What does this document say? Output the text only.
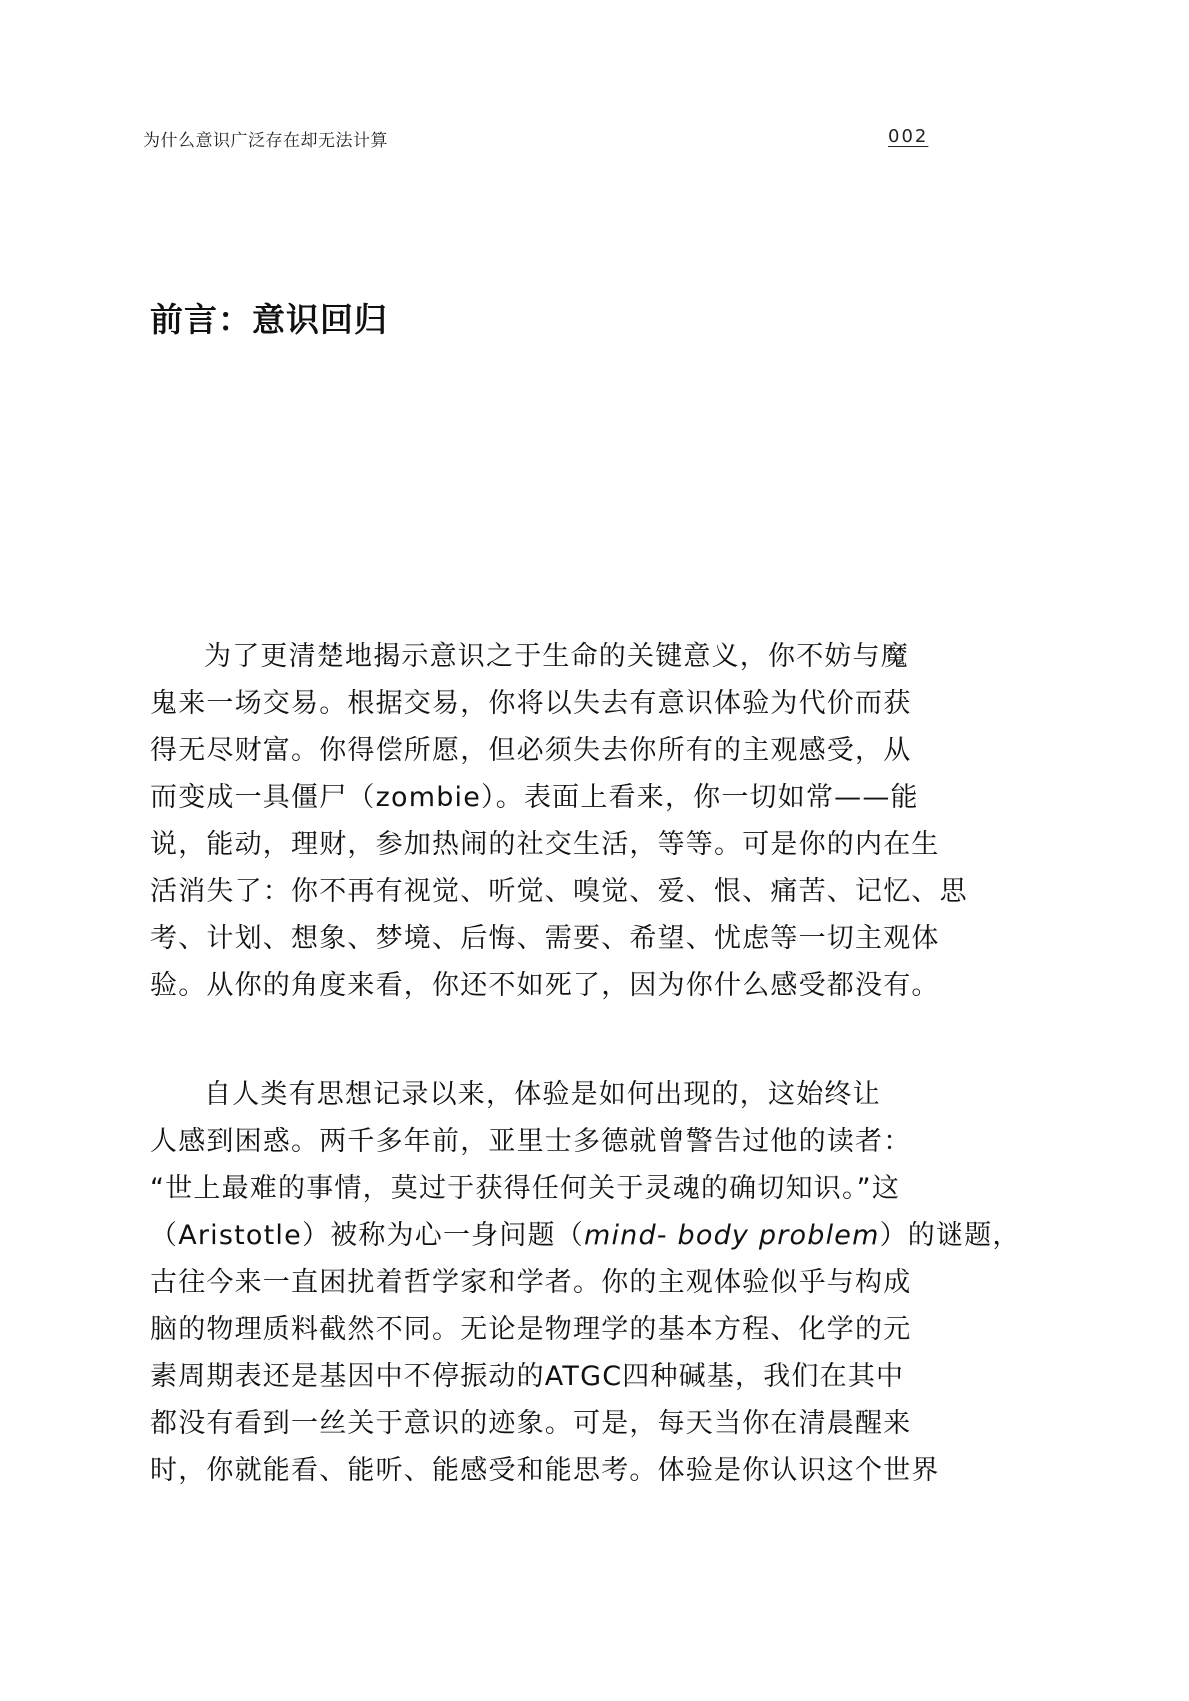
为什么意识广泛存在却无法计算	002
前言：意识回归
为了更清楚地揭示意识之于生命的关键意义，你不妨与魔
鬼来一场交易。根据交易，你将以失去有意识体验为代价而获
得无尽财富。你得偿所愿，但必须失去你所有的主观感受，从
而变成一具僵尸（zombie）。表面上看来，你一切如常——能
说，能动，理财，参加热闹的社交生活，等等。可是你的内在生
活消失了：你不再有视觉、听觉、嗅觉、爱、恨、痛苦、记忆、思
考、计划、想象、梦境、后悔、需要、希望、忧虑等一切主观体
验。从你的角度来看，你还不如死了，因为你什么感受都没有。
自人类有思想记录以来，体验是如何出现的，这始终让
人感到困惑。两千多年前，亚里士多德就曾警告过他的读者：
“世上最难的事情，莫过于获得任何关于灵魂的确切知识。”这
（Aristotle）被称为心一身问题（mind- body problem）的谜题，
古往今来一直困扰着哲学家和学者。你的主观体验似乎与构成
脑的物理质料截然不同。无论是物理学的基本方程、化学的元
素周期表还是基因中不停振动的ATGC四种碱基，我们在其中
都没有看到一丝关于意识的迹象。可是，每天当你在清晨醒来
时，你就能看、能听、能感受和能思考。体验是你认识这个世界
